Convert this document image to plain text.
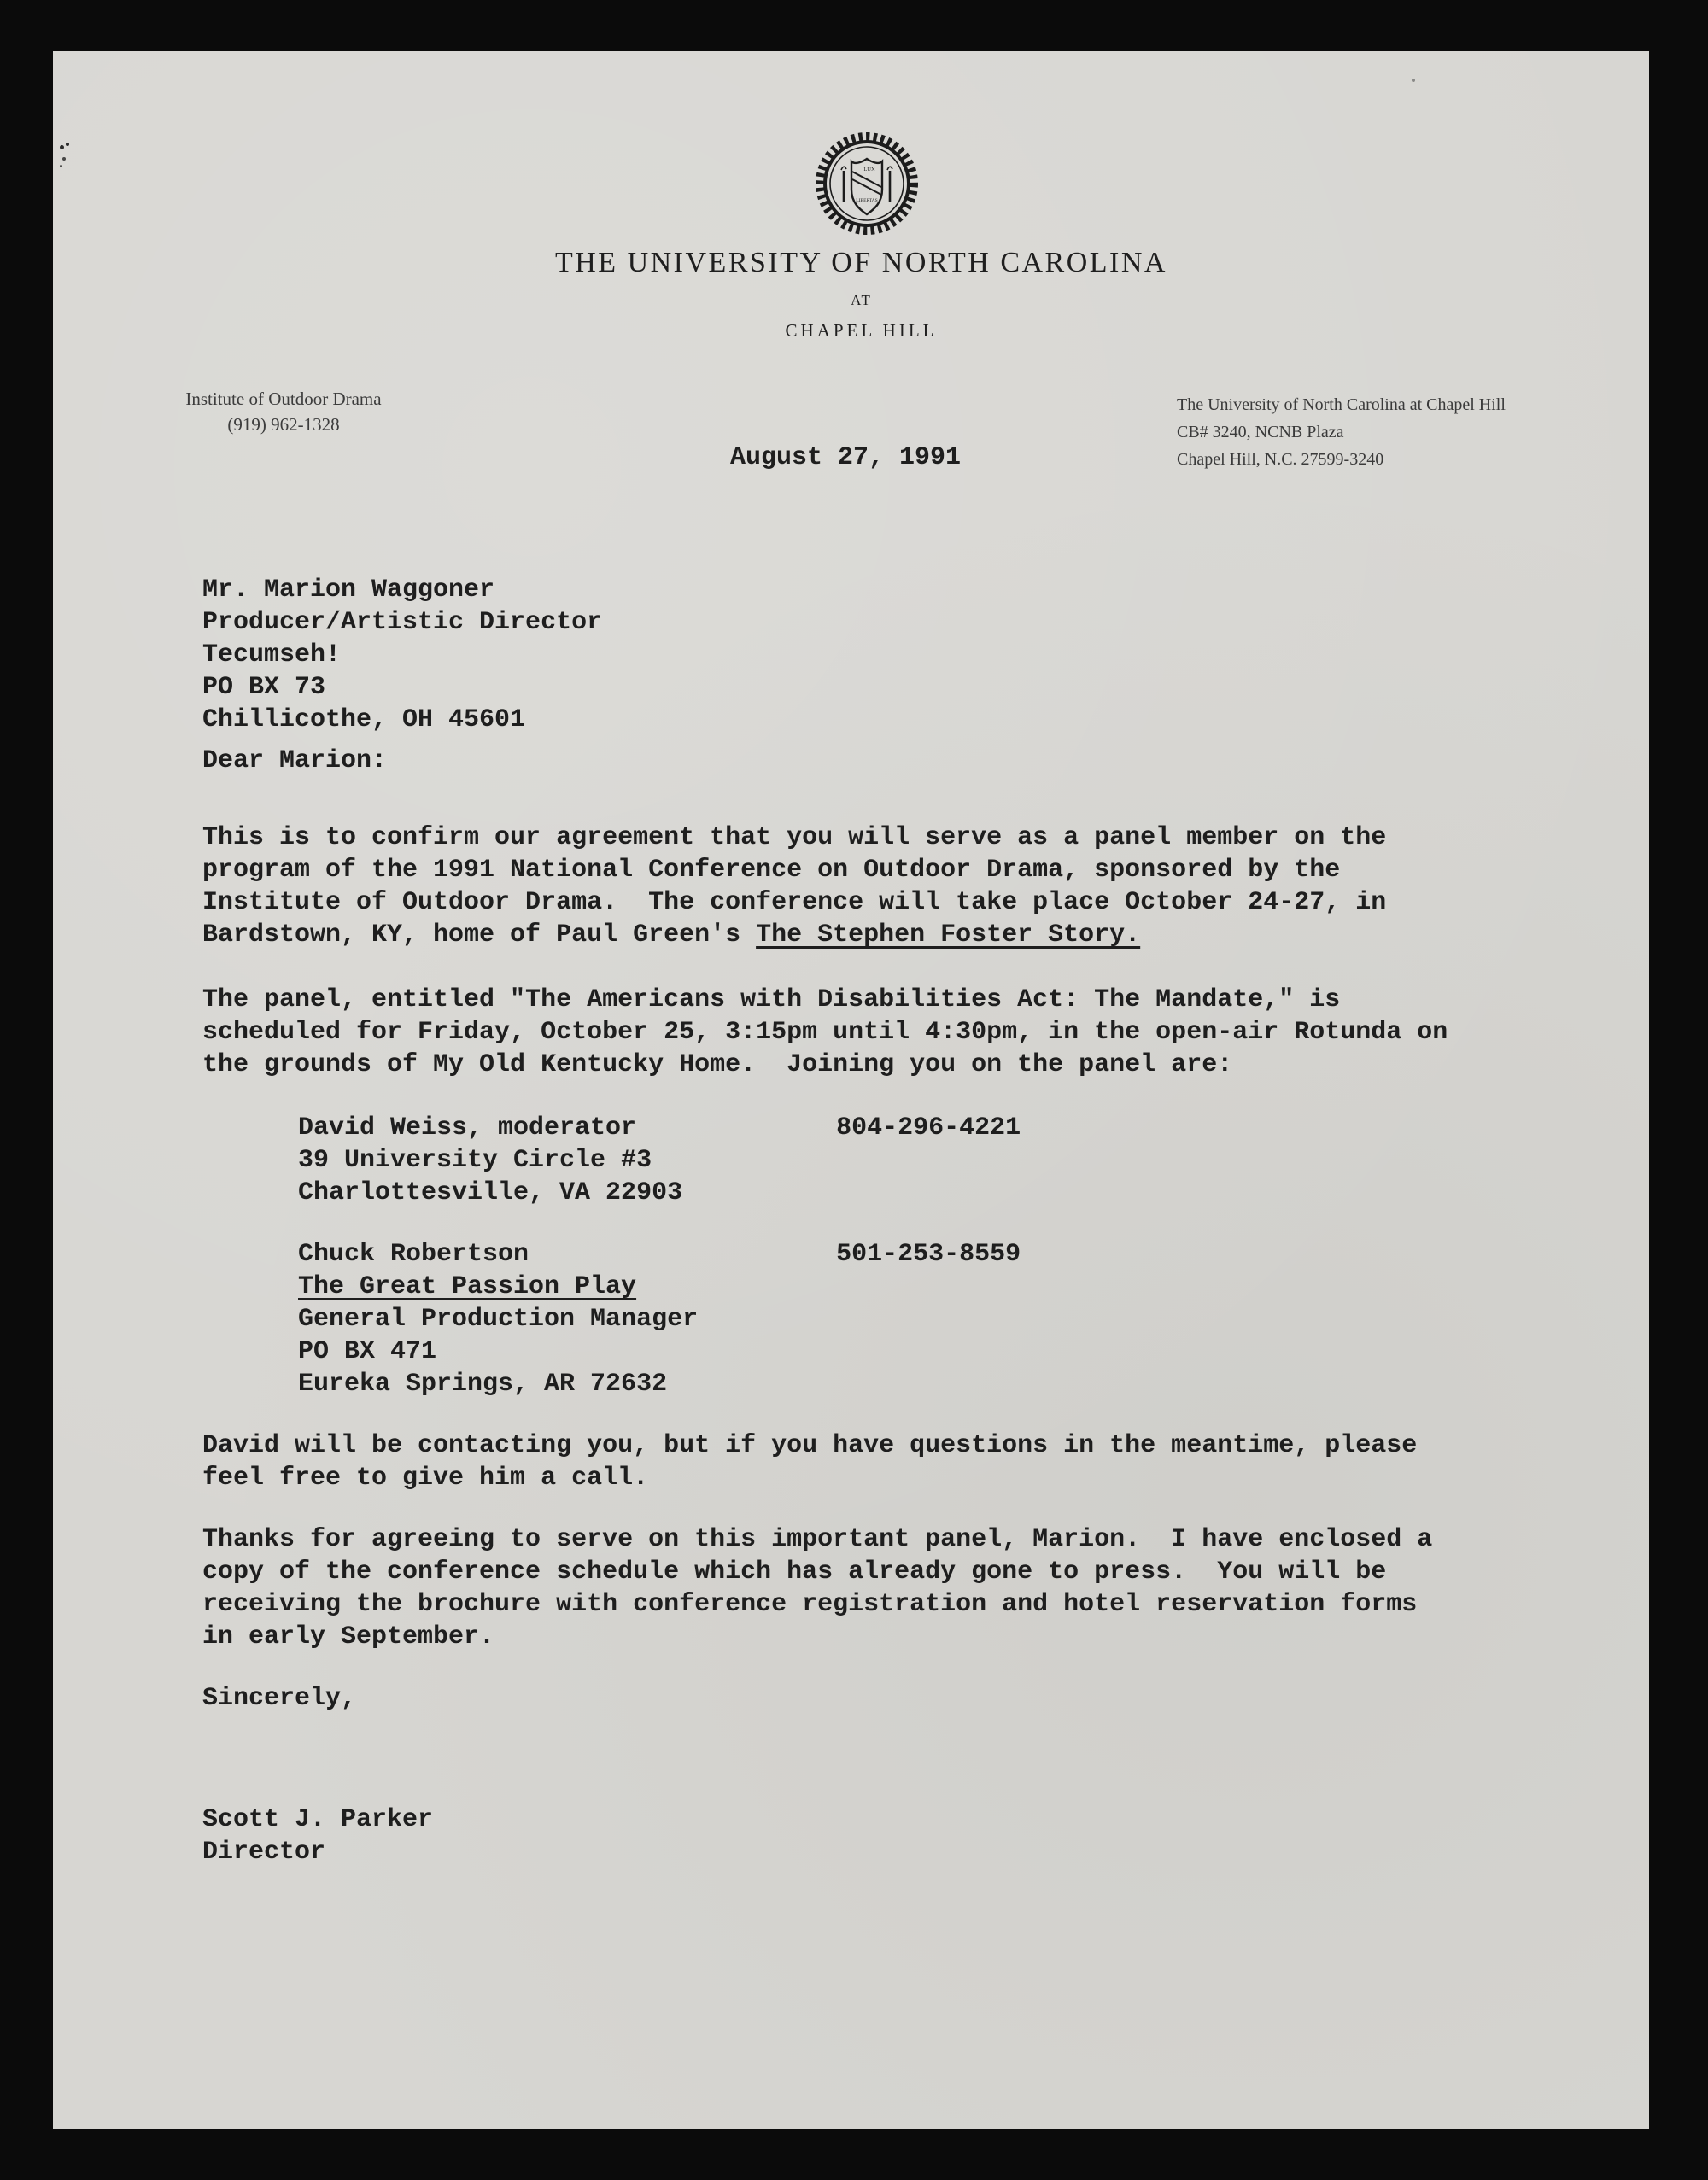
LUX
LIBERTAS
THE UNIVERSITY OF NORTH CAROLINA
AT
CHAPEL HILL
Institute of Outdoor Drama
(919) 962-1328
The University of North Carolina at Chapel Hill
CB# 3240, NCNB Plaza
Chapel Hill, N.C. 27599-3240
August 27, 1991
Mr. Marion Waggoner
Producer/Artistic Director
Tecumseh!
PO BX 73
Chillicothe, OH 45601
Dear Marion:
This is to confirm our agreement that you will serve as a panel member on the
program of the 1991 National Conference on Outdoor Drama, sponsored by the
Institute of Outdoor Drama.  The conference will take place October 24-27, in
Bardstown, KY, home of Paul Green's The Stephen Foster Story.
The panel, entitled "The Americans with Disabilities Act: The Mandate," is
scheduled for Friday, October 25, 3:15pm until 4:30pm, in the open-air Rotunda on
the grounds of My Old Kentucky Home.  Joining you on the panel are:
David Weiss, moderator             804-296-4221
39 University Circle #3
Charlottesville, VA 22903
Chuck Robertson                    501-253-8559
The Great Passion Play
General Production Manager
PO BX 471
Eureka Springs, AR 72632
David will be contacting you, but if you have questions in the meantime, please
feel free to give him a call.
Thanks for agreeing to serve on this important panel, Marion.  I have enclosed a
copy of the conference schedule which has already gone to press.  You will be
receiving the brochure with conference registration and hotel reservation forms
in early September.
Sincerely,
Scott J. Parker
Director
